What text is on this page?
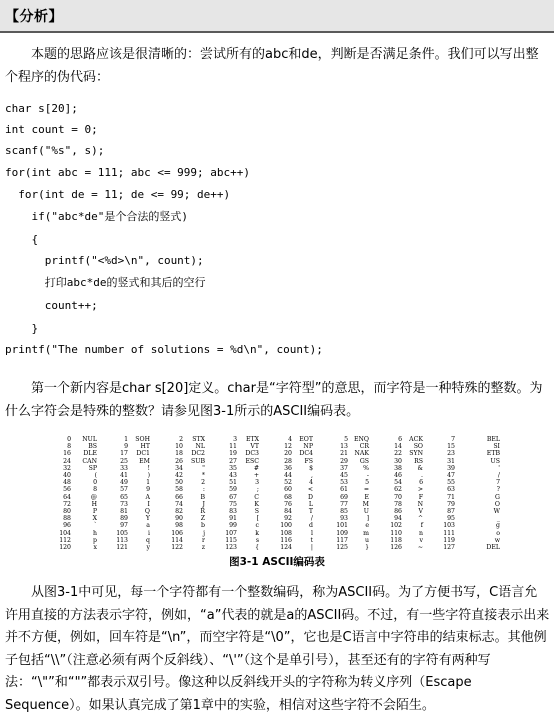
【分析】

本题的思路应该是很清晰的：尝试所有的abc和de，判断是否满足条件。我们可以写出整个程序的伪代码：

char s[20];
int count = 0;
scanf("%s", s);
for(int abc = 111; abc <= 999; abc++)
for(int de = 11; de <= 99; de++)
if("abc*de"是个合法的竖式)
{
printf("<%d>\n", count);
打印abc*de的竖式和其后的空行
count++;
}
printf("The number of solutions = %d\n", count);

第一个新内容是char s[20]定义。char是“字符型”的意思，而字符是一种特殊的整数。为什么字符会是特殊的整数？请参见图3-1所示的ASCII编码表。

0	NUL	1	SOH	2	STX	3	ETX	4	EOT	5 ENQ	6	ACK	7	BEL
8	BS	9	HT	10	NL	11	VT	12	NP	13	CR	14	SO	15	SI
16	DLE	17	DC1	18	DC2	19	DC3	20	DC4	21	NAK	22	SYN	23	ETB
24	CAN	25	EM	26	SUB	27	ESC	28	FS	29	GS	30	RS	31	US
32	SP	33	!	34	"	35	#	36	$	37	%	38	&	39	'
40	(	41	)	42	*	43	+	44	,	45	-	46	.	47	/
48	0	49	1	50	2	51	3	52	4	53	5	54	6	55	7
56	8	57	9	58	:	59	;	60	<	61	=	62	>	63	?
64	@	65	A	66	B	67	C	68	D	69	E	70	F	71	G
72	H	73	I	74	J	75	K	76	L	77	M	78	N	79	O
80	P	81	Q	82	R	83	S	84	T	85	U	86	V	87	W
88	X	89	Y	90	Z	91	[	92	/	93	]	94	^	95	_
96	`	97	a	98	b	99	c	100	d	101	e	102	f	103	g
104	h	105	i	106	j	107	k	108	l	109	m	110	n	111	o
112	p	113	q	114	r	115	s	116	t	117	u	118	v	119	w
120	x	121	y	122	z	123	{	124	|	125	}	126	~	127	DEL
图3-1 ASCII编码表

从图3-1中可见，每一个字符都有一个整数编码，称为ASCII码。为了方便书写，C语言允许用直接的方法表示字符，例如，“a”代表的就是a的ASCII码。不过，有一些字符直接表示出来并不方便，例如，回车符是“\n”，而空字符是“\0”，它也是C语言中字符串的结束标志。其他例子包括“\\”（注意必须有两个反斜线）、“\'”（这个是单引号），甚至还有的字符有两种写法：“\"”和“"”都表示双引号。像这种以反斜线开头的字符称为转义序列（Escape Sequence）。如果认真完成了第1章中的实验，相信对这些字符不会陌生。
